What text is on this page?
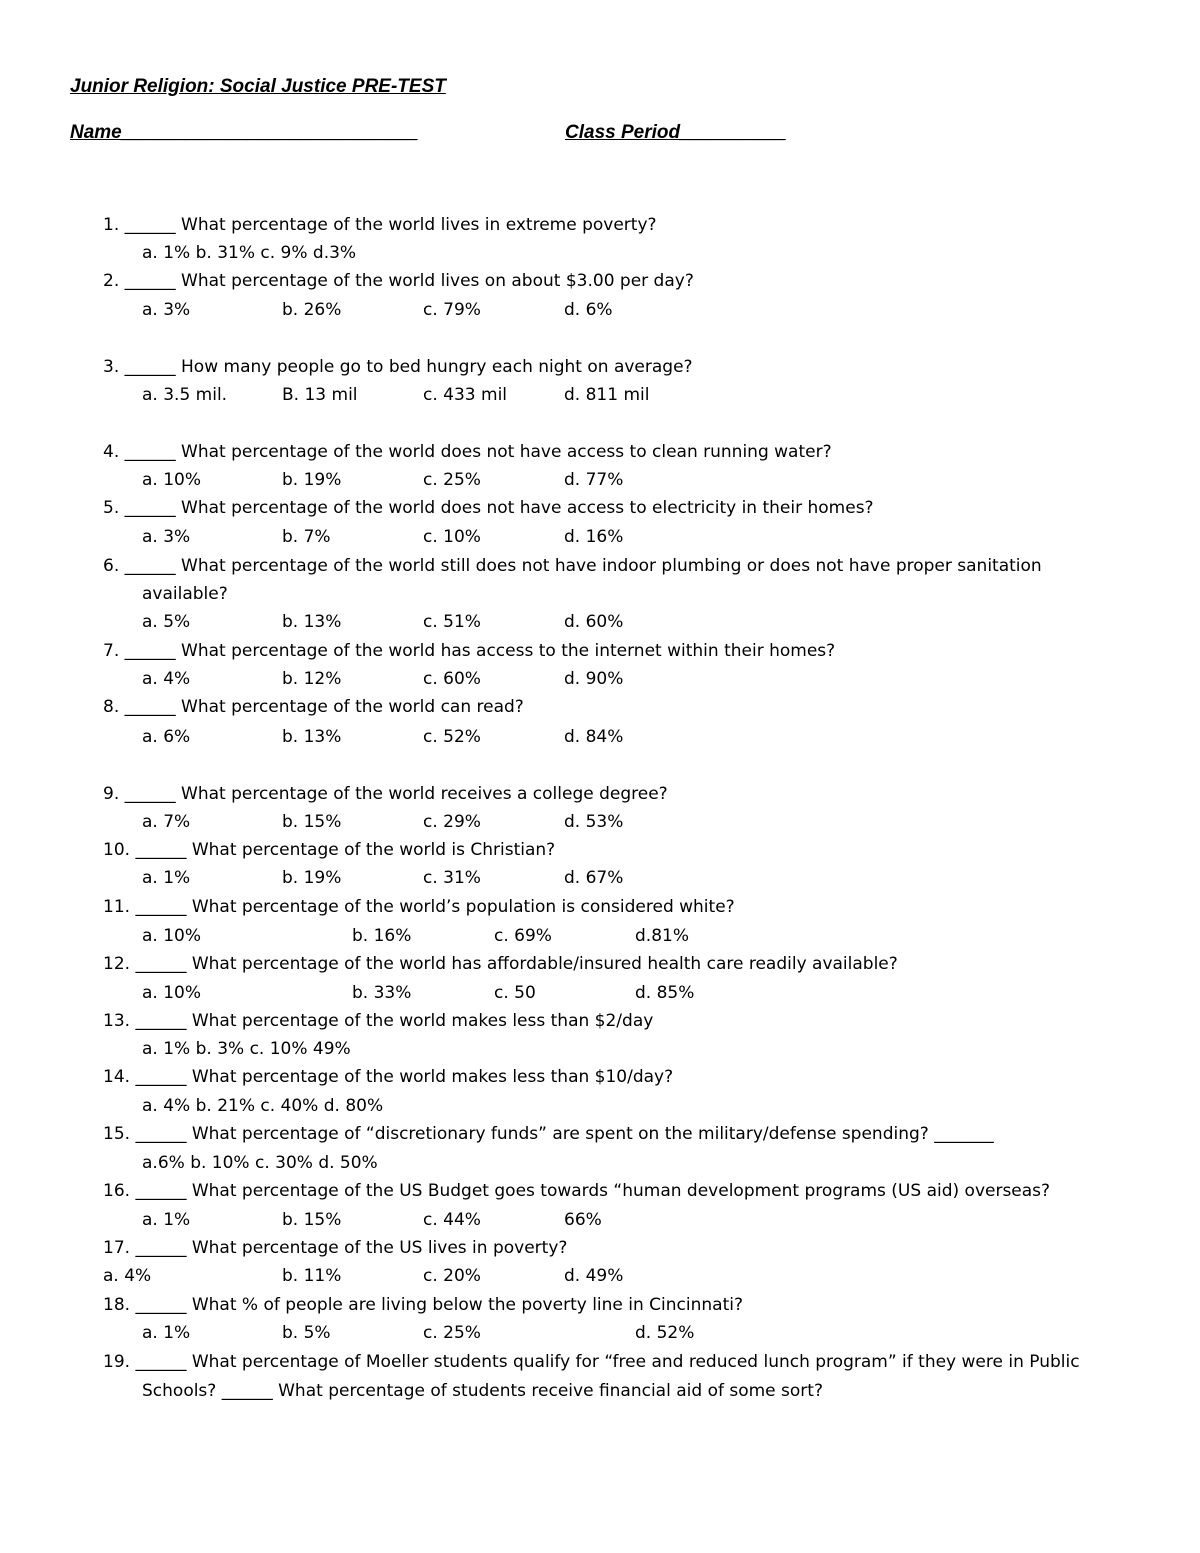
Junior Religion: Social Justice PRE-TEST
Name____________________________	Class Period__________
1. ______ What percentage of the world lives in extreme poverty?
a. 1% b. 31% c. 9% d.3%
2. ______ What percentage of the world lives on about $3.00 per day?
a. 3%	b. 26%	c. 79%	d. 6%
3. ______ How many people go to bed hungry each night on average?
a. 3.5 mil.	B. 13 mil	c. 433 mil	d. 811 mil
4. ______ What percentage of the world does not have access to clean running water?
a. 10%	b. 19%	c. 25%	d. 77%
5. ______ What percentage of the world does not have access to electricity in their homes?
a. 3%	b. 7%	c. 10%	d. 16%
6. ______ What percentage of the world still does not have indoor plumbing or does not have proper sanitation
available?
a. 5%	b. 13%	c. 51%	d. 60%
7. ______ What percentage of the world has access to the internet within their homes?
a. 4%	b. 12%	c. 60%	d. 90%
8. ______ What percentage of the world can read?
a. 6%	b. 13%	c. 52%	d. 84%
9. ______ What percentage of the world receives a college degree?
a. 7%	b. 15%	c. 29%	d. 53%
10. ______ What percentage of the world is Christian?
a. 1%	b. 19%	c. 31%	d. 67%
11. ______ What percentage of the world’s population is considered white?
a. 10%	b. 16%	c. 69%	d.81%
12. ______ What percentage of the world has affordable/insured health care readily available?
a. 10%	b. 33%	c. 50	d. 85%
13. ______ What percentage of the world makes less than $2/day
a. 1% b. 3% c. 10% 49%
14. ______ What percentage of the world makes less than $10/day?
a. 4% b. 21% c. 40% d. 80%
15. ______ What percentage of “discretionary funds” are spent on the military/defense spending? _______
a.6% b. 10% c. 30% d. 50%
16. ______ What percentage of the US Budget goes towards “human development programs (US aid) overseas?
a. 1%	b. 15%	c. 44%	66%
17. ______ What percentage of the US lives in poverty?
a. 4%	b. 11%	c. 20%	d. 49%
18. ______ What % of people are living below the poverty line in Cincinnati?
a. 1%	b. 5%	c. 25%	d. 52%
19. ______ What percentage of Moeller students qualify for “free and reduced lunch program” if they were in Public
Schools? ______ What percentage of students receive financial aid of some sort?
